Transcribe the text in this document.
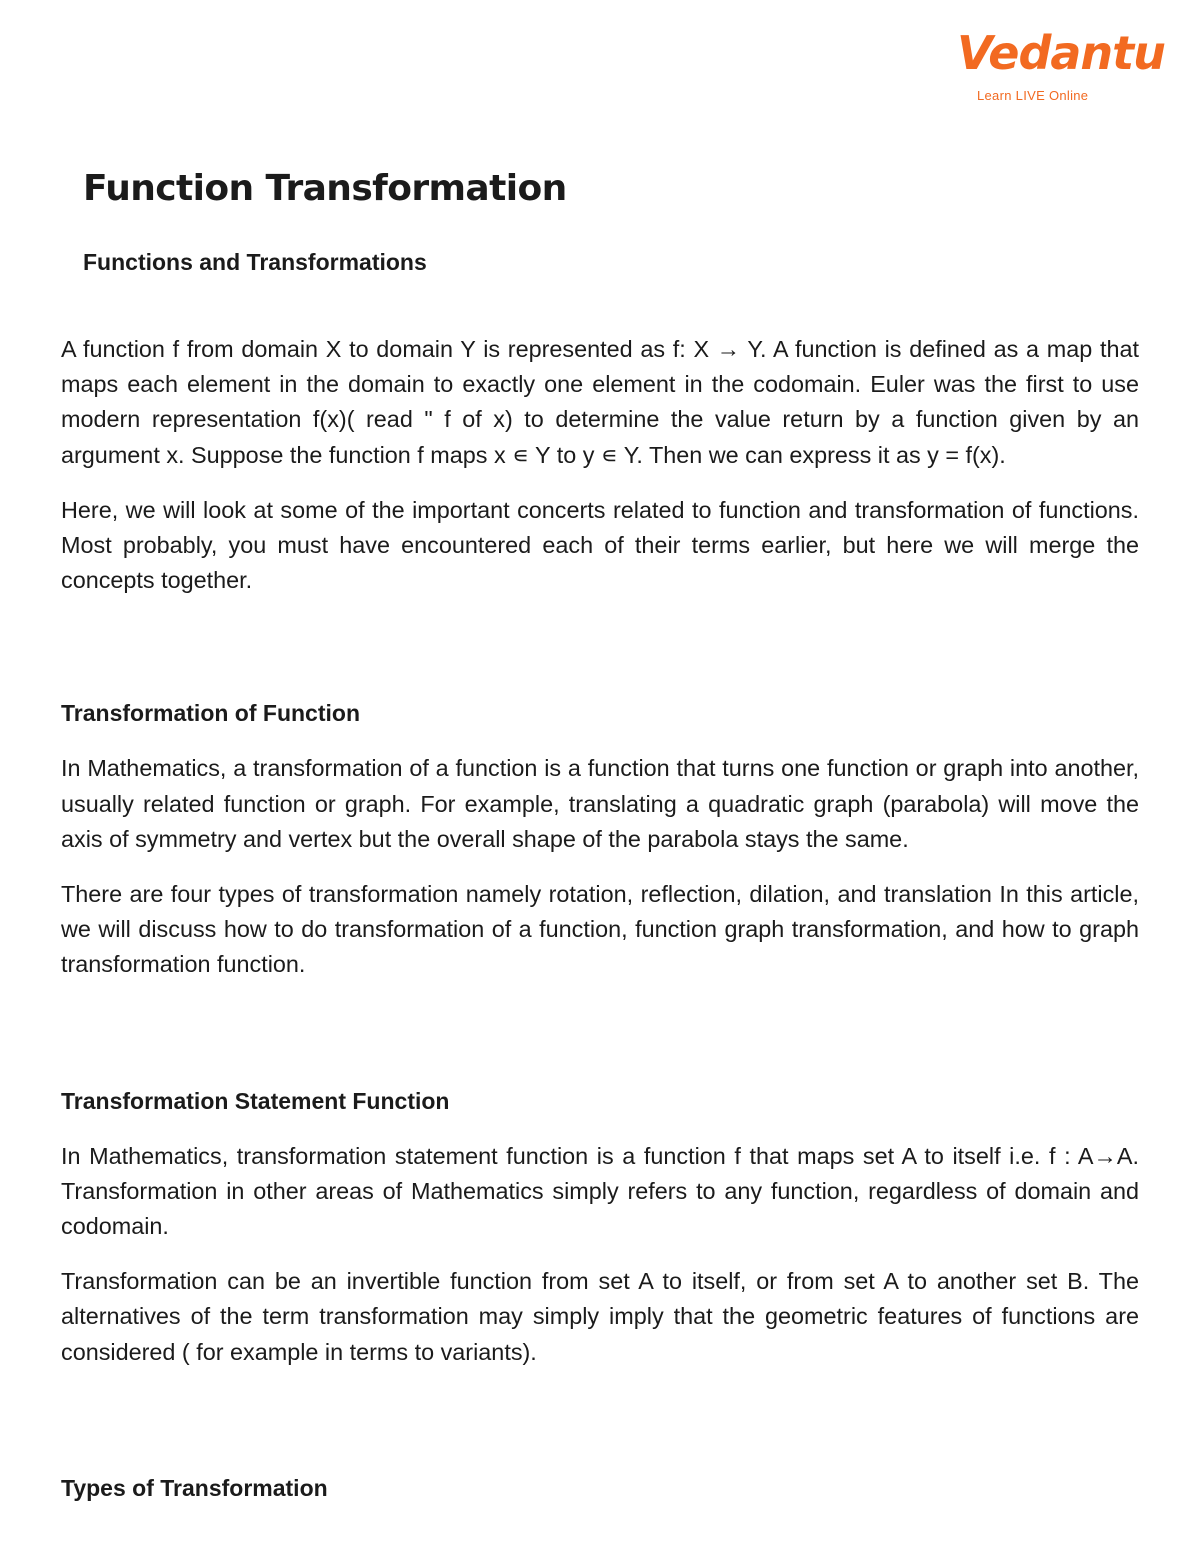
Vedantu
Learn LIVE Online
Function Transformation
Functions and Transformations

A function f from domain X to domain Y is represented as f: X → Y. A function is defined as a map that maps each element in the domain to exactly one element in the codomain. Euler was the first to use modern representation f(x)( read " f of x) to determine the value return by a function given by an argument x. Suppose the function f maps x ∊ Y to y ∊ Y. Then we can express it as y = f(x).

Here, we will look at some of the important concerts related to function and transformation of functions. Most probably, you must have encountered each of their terms earlier, but here we will merge the concepts together.

Transformation of Function

In Mathematics, a transformation of a function is a function that turns one function or graph into another, usually related function or graph. For example, translating a quadratic graph (parabola) will move the axis of symmetry and vertex but the overall shape of the parabola stays the same.

There are four types of transformation namely rotation, reflection, dilation, and translation In this article, we will discuss how to do transformation of a function, function graph transformation, and how to graph transformation function.

Transformation Statement Function

In Mathematics, transformation statement function is a function f that maps set A to itself i.e. f : A→A. Transformation in other areas of Mathematics simply refers to any function, regardless of domain and codomain.

Transformation can be an invertible function from set A to itself, or from set A to another set B. The alternatives of the term transformation may simply imply that the geometric features of functions are considered ( for example in terms to variants).

Types of Transformation
